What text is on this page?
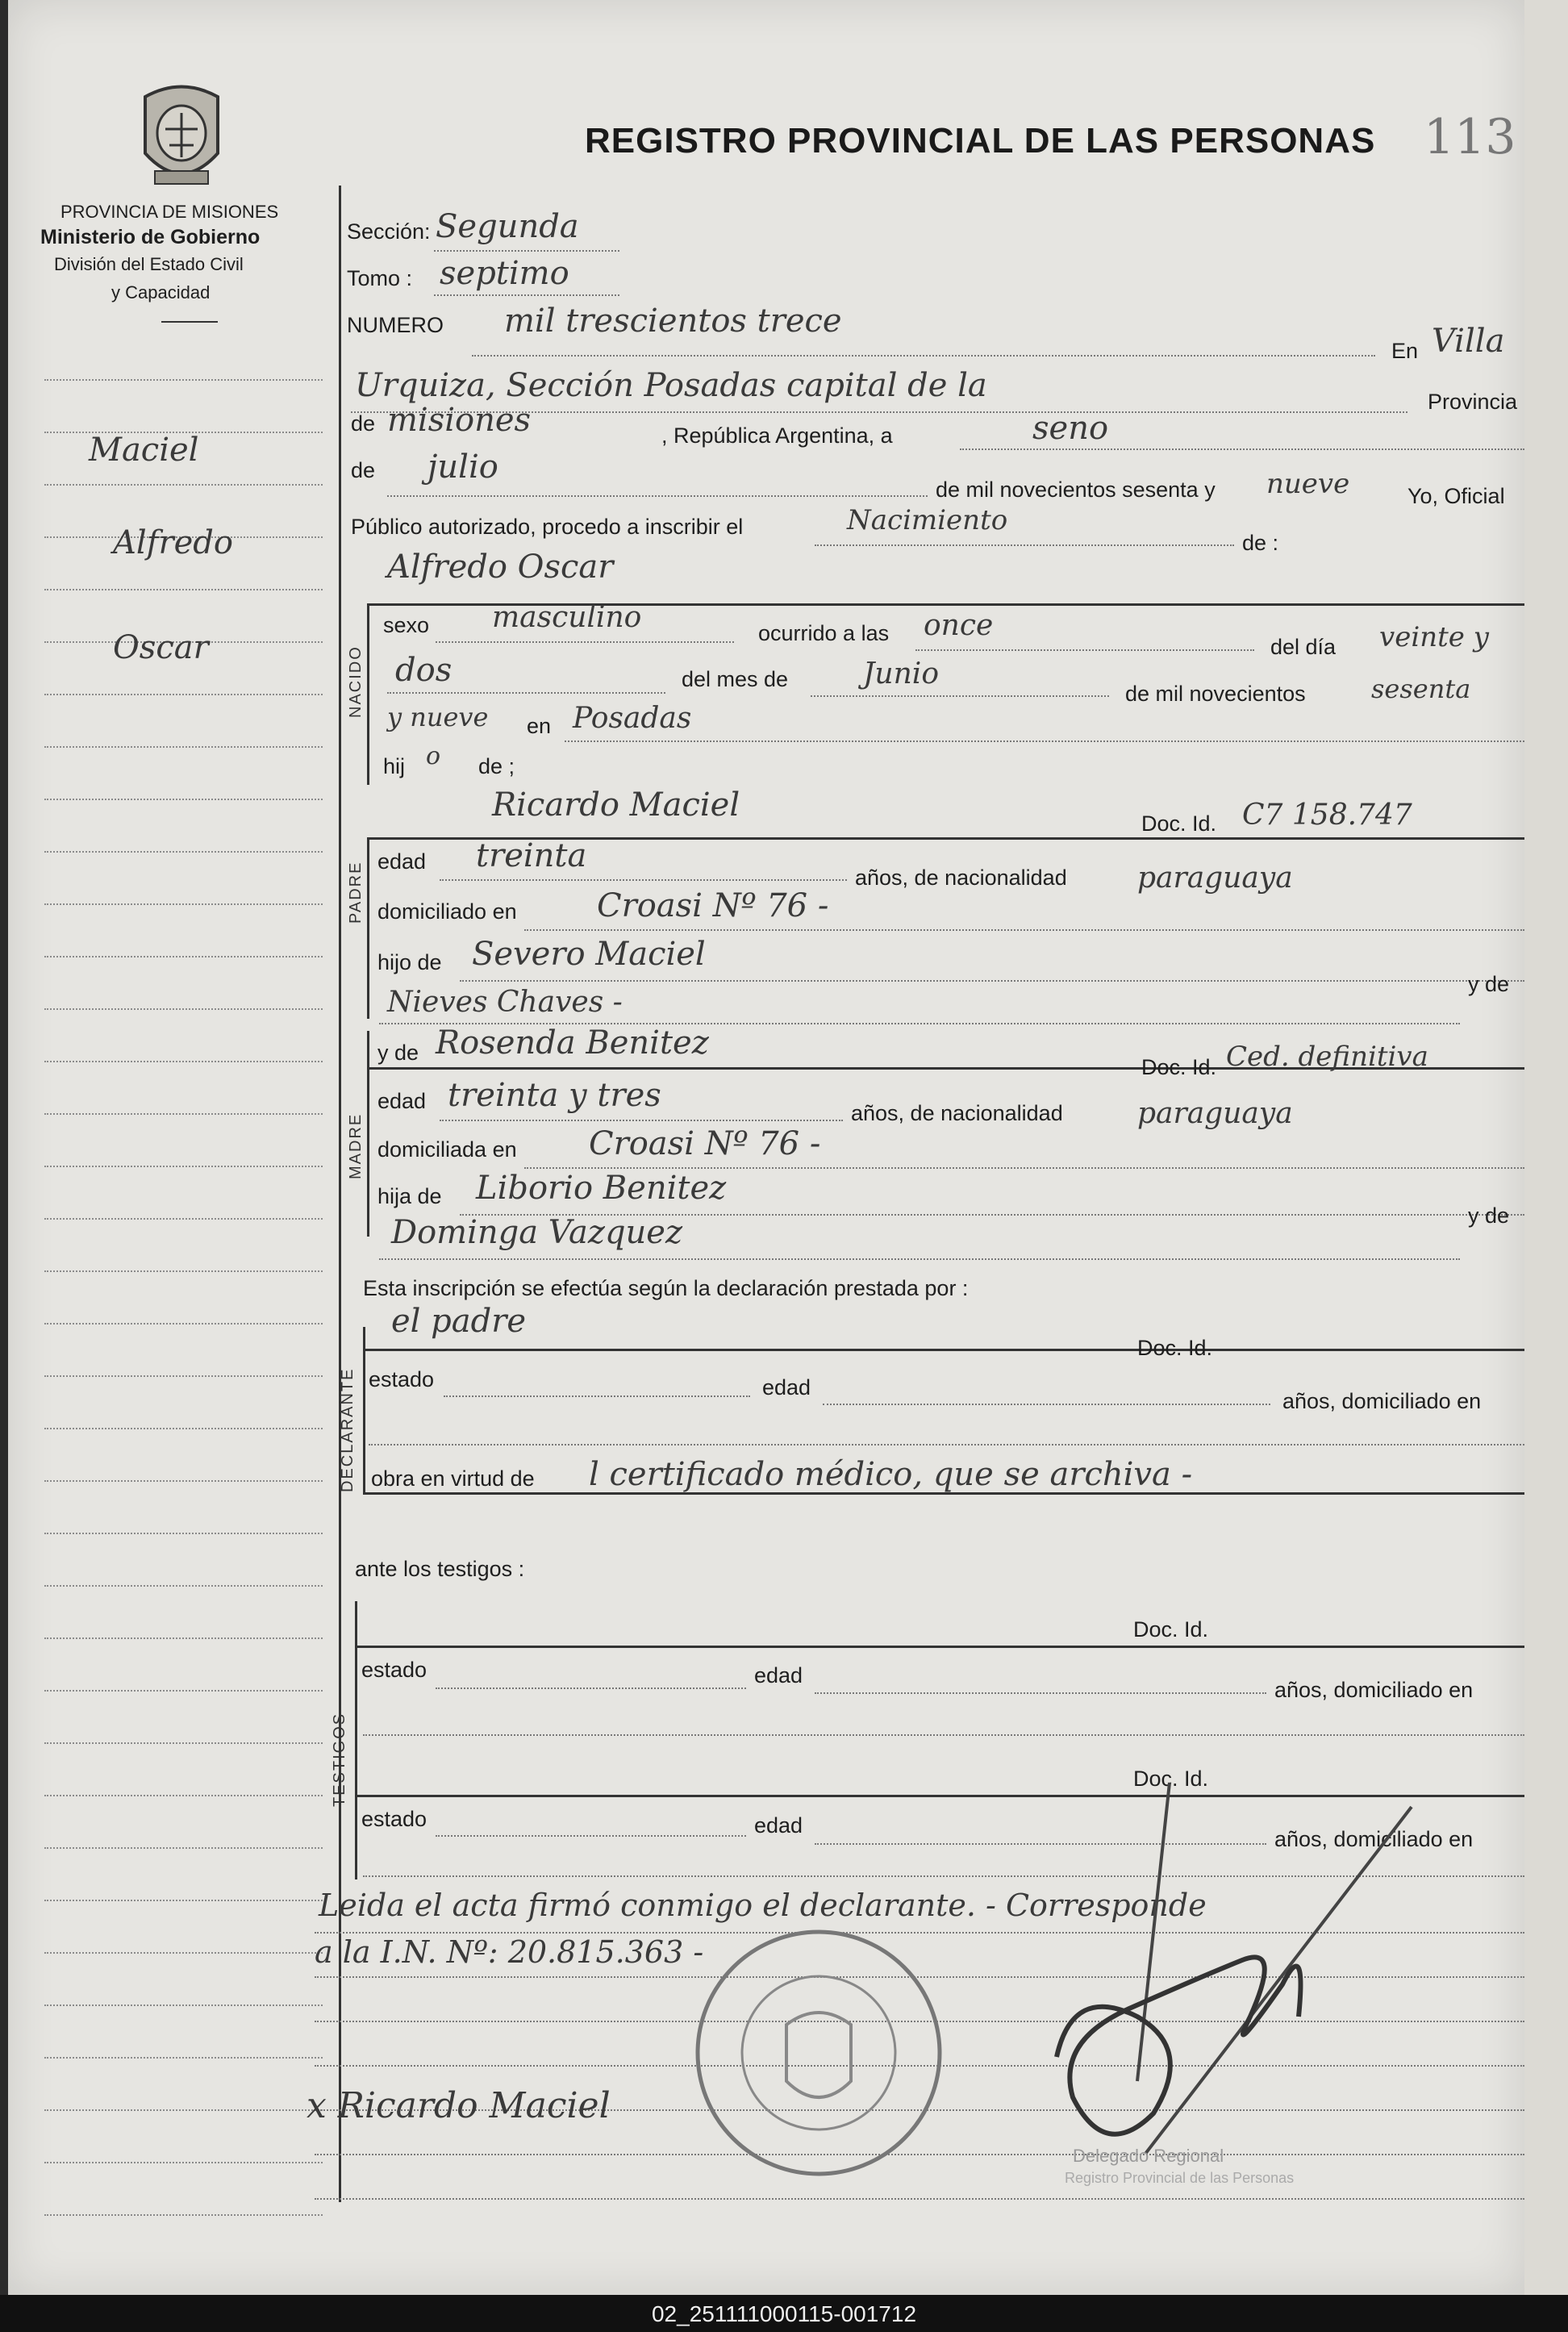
PROVINCIA DE MISIONES
Ministerio de Gobierno
División del Estado Civil
y Capacidad
REGISTRO PROVINCIAL DE LAS PERSONAS 113
Maciel
Alfredo
Oscar
Sección: Segunda
Tomo : septimo
NUMERO mil trescientos trece
En Villa
Urquiza, Sección Posadas capital de la	Provincia
de misiones	, República Argentina, a	seno
de julio
de mil novecientos sesenta y nueve	Yo, Oficial
Público autorizado, procedo a inscribir el	Nacimiento
de :
Alfredo Oscar
NACIDO
sexo masculino	ocurrido a las once
del día veinte y
dos	del mes de	Junio
de mil novecientos	sesenta
y nueve en Posadas
hij o de ;
Ricardo Maciel	Doc. Id. C7 158.747
PADRE edad treinta
años, de nacionalidad paraguaya
domiciliado en Croasi Nº 76 -
hijo de Severo Maciel
Nieves Chaves -
y de
MADRE
y de Rosenda Benitez
Doc. Id. Ced. definitiva
edad treinta y tres	años, de nacionalidad	paraguaya
domiciliada en Croasi Nº 76 -
hija de Liborio Benitez
Dominga Vazquez	y de
Esta inscripción se efectúa según la declaración prestada por :
el padre
Doc. Id.
DECLARANTE estado	edad
años, domiciliado en
obra en virtud de l certificado médico, que se archiva -
ante los testigos :
TESTIGOS
Doc. Id.
estado	edad
años, domiciliado en
Doc. Id.
estado	edad
años, domiciliado en
Leida el acta firmó conmigo el declarante. - Corresponde
a la I.N. Nº: 20.815.363 -
x Ricardo Maciel
Delegado Regional
Registro Provincial de las Personas
02_251111000115-001712
